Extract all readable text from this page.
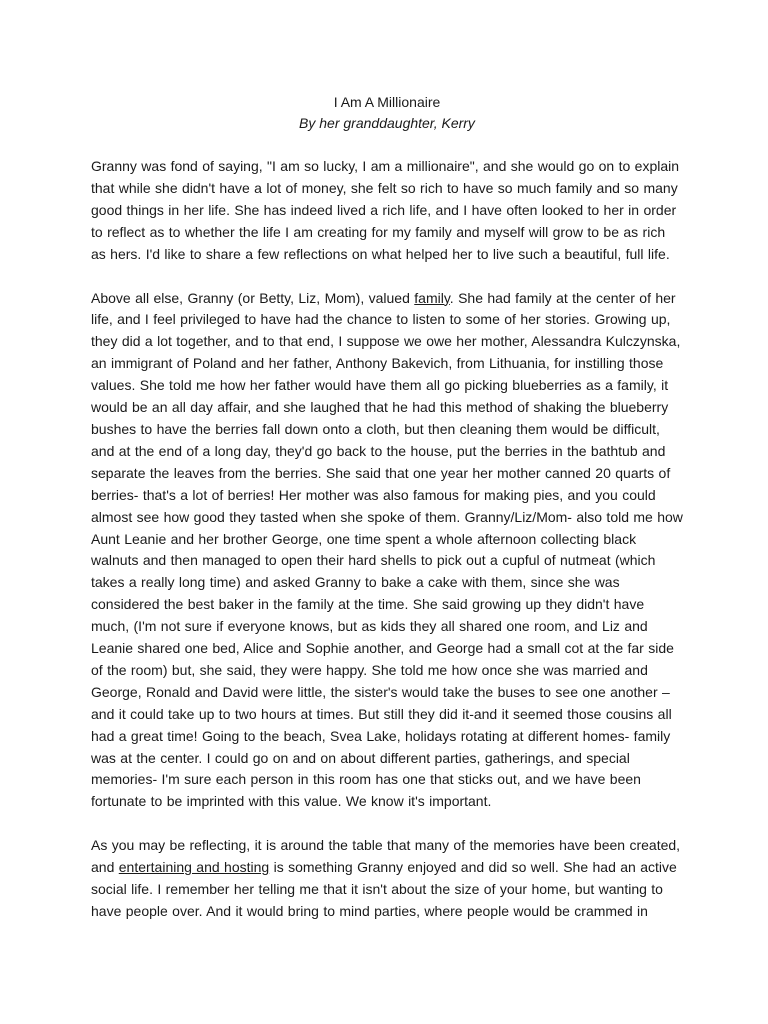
I Am A Millionaire

By her granddaughter, Kerry

Granny was fond of saying, "I am so lucky, I am a millionaire", and she would go on to explain that while she didn't have a lot of money, she felt so rich to have so much family and so many good things in her life. She has indeed lived a rich life, and I have often looked to her in order to reflect as to whether the life I am creating for my family and myself will grow to be as rich as hers. I'd like to share a few reflections on what helped her to live such a beautiful, full life.

Above all else, Granny (or Betty, Liz, Mom), valued family. She had family at the center of her life, and I feel privileged to have had the chance to listen to some of her stories. Growing up, they did a lot together, and to that end, I suppose we owe her mother, Alessandra Kulczynska, an immigrant of Poland and her father, Anthony Bakevich, from Lithuania, for instilling those values. She told me how her father would have them all go picking blueberries as a family, it would be an all day affair, and she laughed that he had this method of shaking the blueberry bushes to have the berries fall down onto a cloth, but then cleaning them would be difficult, and at the end of a long day, they'd go back to the house, put the berries in the bathtub and separate the leaves from the berries. She said that one year her mother canned 20 quarts of berries- that's a lot of berries! Her mother was also famous for making pies, and you could almost see how good they tasted when she spoke of them. Granny/Liz/Mom- also told me how Aunt Leanie and her brother George, one time spent a whole afternoon collecting black walnuts and then managed to open their hard shells to pick out a cupful of nutmeat (which takes a really long time) and asked Granny to bake a cake with them, since she was considered the best baker in the family at the time. She said growing up they didn't have much, (I'm not sure if everyone knows, but as kids they all shared one room, and Liz and Leanie shared one bed, Alice and Sophie another, and George had a small cot at the far side of the room) but, she said, they were happy. She told me how once she was married and George, Ronald and David were little, the sister's would take the buses to see one another – and it could take up to two hours at times. But still they did it-and it seemed those cousins all had a great time! Going to the beach, Svea Lake, holidays rotating at different homes- family was at the center. I could go on and on about different parties, gatherings, and special memories- I'm sure each person in this room has one that sticks out, and we have been fortunate to be imprinted with this value. We know it's important.

As you may be reflecting, it is around the table that many of the memories have been created, and entertaining and hosting is something Granny enjoyed and did so well. She had an active social life. I remember her telling me that it isn't about the size of your home, but wanting to have people over. And it would bring to mind parties, where people would be crammed in
